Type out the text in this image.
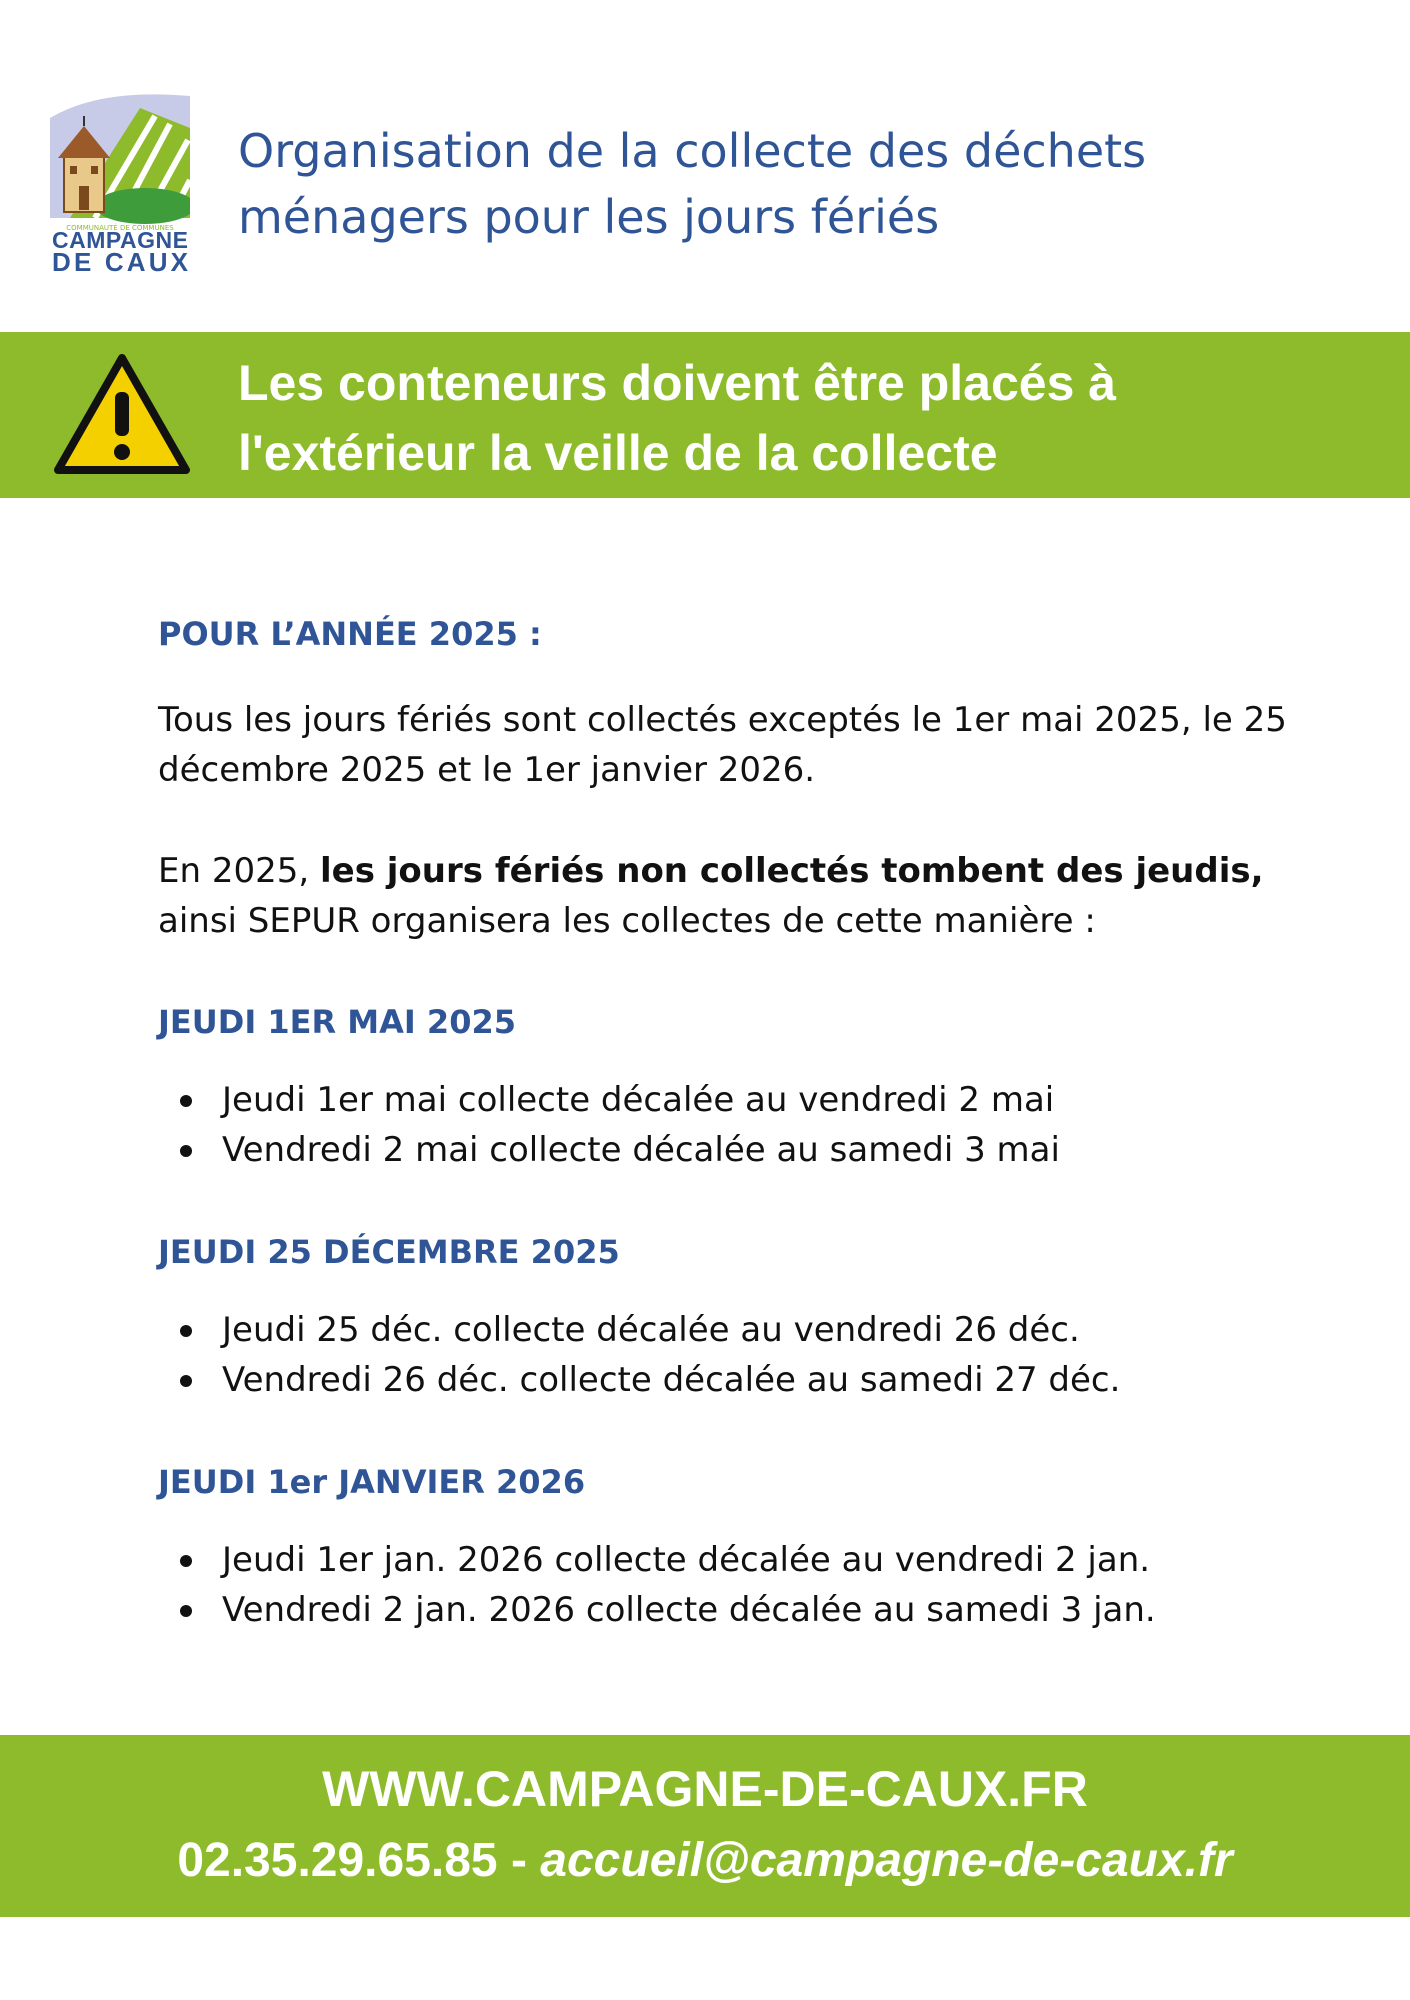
COMMUNAUTÉ DE COMMUNES
CAMPAGNE
DE CAUX
Organisation de la collecte des déchets ménagers pour les jours fériés
Les conteneurs doivent être placés à l'extérieur la veille de la collecte
POUR L’ANNÉE 2025 :
Tous les jours fériés sont collectés exceptés le 1er mai 2025, le 25 décembre 2025 et le 1er janvier 2026.
En 2025, les jours fériés non collectés tombent des jeudis, ainsi SEPUR organisera les collectes de cette manière :
JEUDI 1ER MAI 2025
Jeudi 1er mai collecte décalée au vendredi 2 mai
Vendredi 2 mai collecte décalée au samedi 3 mai
JEUDI 25 DÉCEMBRE 2025
Jeudi 25 déc. collecte décalée au vendredi 26 déc.
Vendredi 26 déc. collecte décalée au samedi 27 déc.
JEUDI 1er JANVIER 2026
Jeudi 1er jan. 2026 collecte décalée au vendredi 2 jan.
Vendredi 2 jan. 2026 collecte décalée au samedi 3 jan.
WWW.CAMPAGNE-DE-CAUX.FR
02.35.29.65.85 - accueil@campagne-de-caux.fr
